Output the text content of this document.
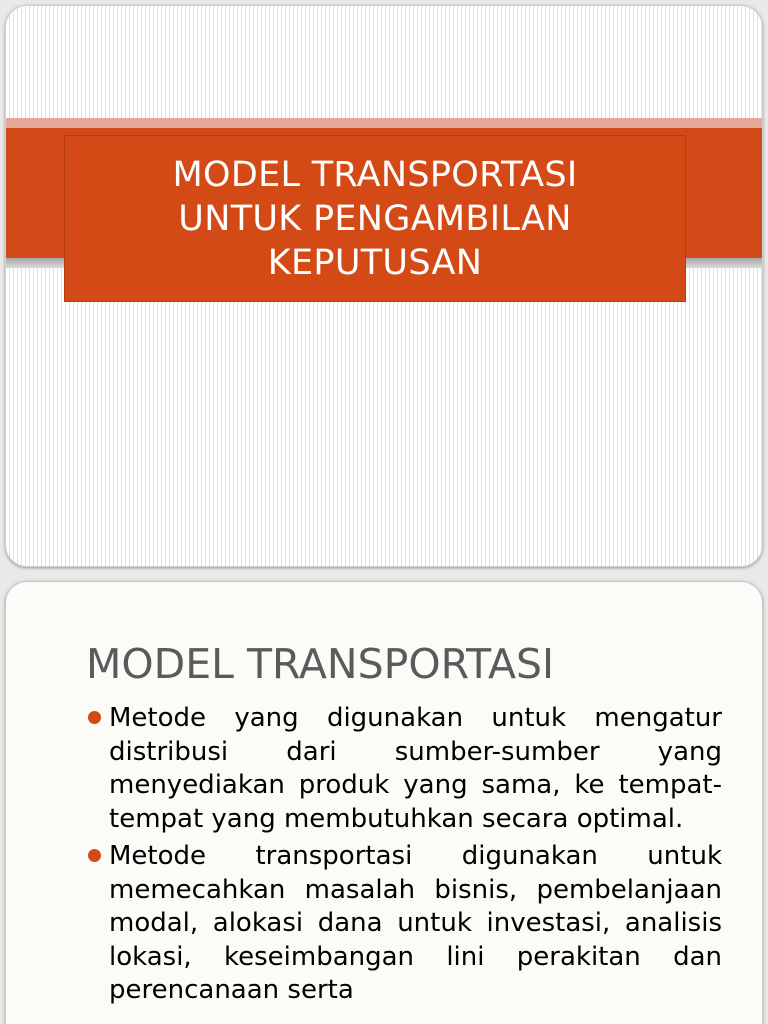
MODEL TRANSPORTASI
UNTUK PENGAMBILAN
KEPUTUSAN
MODEL TRANSPORTASI
Metode yang digunakan untuk mengatur distribusi dari sumber-sumber yang menyediakan produk yang sama, ke tempat-tempat yang membutuhkan secara optimal.
Metode transportasi digunakan untuk memecahkan masalah bisnis, pembelanjaan modal, alokasi dana untuk investasi, analisis lokasi, keseimbangan lini perakitan dan perencanaan serta
